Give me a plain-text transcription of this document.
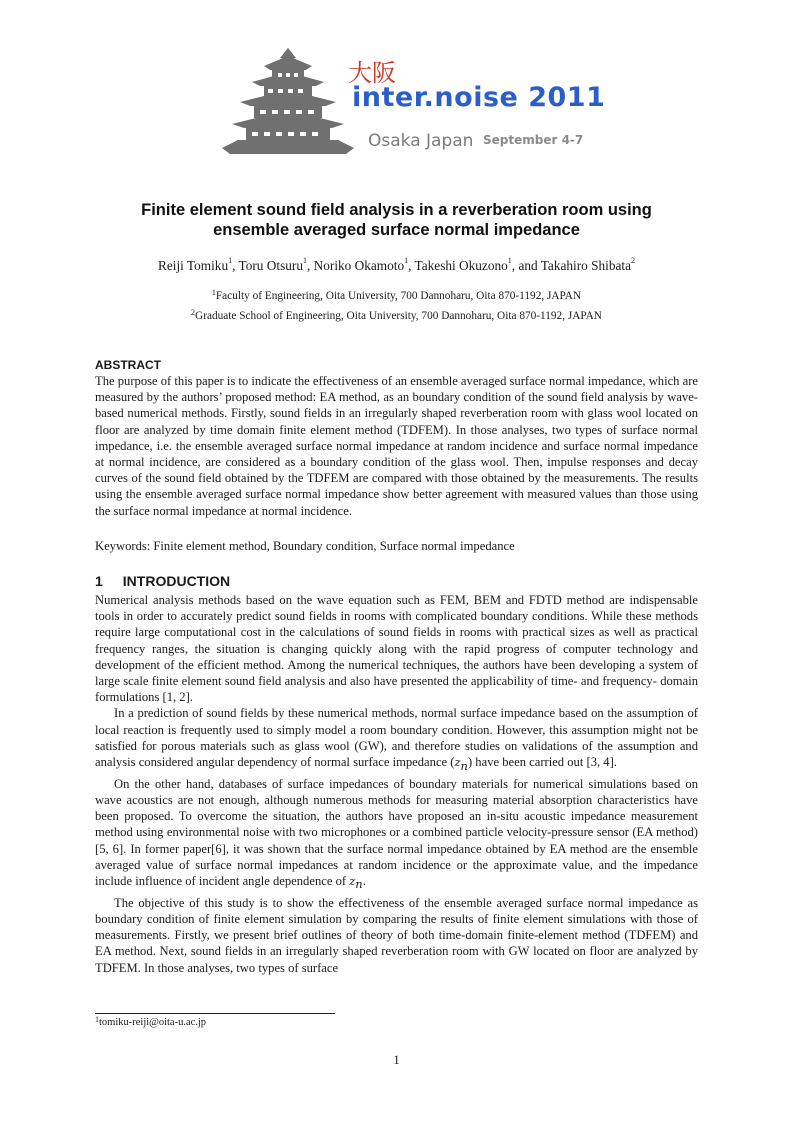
大阪
inter.noise 2011
Osaka Japan September 4-7
Finite element sound field analysis in a reverberation room using
ensemble averaged surface normal impedance
Reiji Tomiku$^1$, Toru Otsuru$^1$, Noriko Okamoto$^1$, Takeshi Okuzono$^1$, and Takahiro Shibata$^2$
$^1$Faculty of Engineering, Oita University, 700 Dannoharu, Oita 870-1192, JAPAN
$^2$Graduate School of Engineering, Oita University, 700 Dannoharu, Oita 870-1192, JAPAN
ABSTRACT
The purpose of this paper is to indicate the effectiveness of an ensemble averaged surface normal impedance, which are measured by the authors’ proposed method: EA method, as an boundary condition of the sound field analysis by wave-based numerical methods. Firstly, sound fields in an irregularly shaped reverberation room with glass wool located on floor are analyzed by time domain finite element method (TDFEM). In those analyses, two types of surface normal impedance, i.e. the ensemble averaged surface normal impedance at random incidence and surface normal impedance at normal incidence, are considered as a boundary condition of the glass wool. Then, impulse responses and decay curves of the sound field obtained by the TDFEM are compared with those obtained by the measurements. The results using the ensemble averaged surface normal impedance show better agreement with measured values than those using the surface normal impedance at normal incidence.
Keywords: Finite element method, Boundary condition, Surface normal impedance
1 INTRODUCTION

Numerical analysis methods based on the wave equation such as FEM, BEM and FDTD method are indispensable tools in order to accurately predict sound fields in rooms with complicated boundary conditions. While these methods require large computational cost in the calculations of sound fields in rooms with practical sizes as well as practical frequency ranges, the situation is changing quickly along with the rapid progress of computer technology and development of the efficient method. Among the numerical techniques, the authors have been developing a system of large scale finite element sound field analysis and also have presented the applicability of time- and frequency- domain formulations [1, 2].

In a prediction of sound fields by these numerical methods, normal surface impedance based on the assumption of local reaction is frequently used to simply model a room boundary condition. However, this assumption might not be satisfied for porous materials such as glass wool (GW), and therefore studies on validations of the assumption and analysis considered angular dependency of normal surface impedance $(z_n)$ have been carried out [3, 4].

On the other hand, databases of surface impedances of boundary materials for numerical simulations based on wave acoustics are not enough, although numerous methods for measuring material absorption characteristics have been proposed. To overcome the situation, the authors have proposed an in-situ acoustic impedance measurement method using environmental noise with two microphones or a combined particle velocity-pressure sensor (EA method) [5, 6]. In former paper[6], it was shown that the surface normal impedance obtained by EA method are the ensemble averaged value of surface normal impedances at random incidence or the approximate value, and the impedance include influence of incident angle dependence of $z_n$.

The objective of this study is to show the effectiveness of the ensemble averaged surface normal impedance as boundary condition of finite element simulation by comparing the results of finite element simulations with those of measurements. Firstly, we present brief outlines of theory of both time-domain finite-element method (TDFEM) and EA method. Next, sound fields in an irregularly shaped reverberation room with GW located on floor are analyzed by TDFEM. In those analyses, two types of surface

$^1$tomiku-reiji@oita-u.ac.jp
1
